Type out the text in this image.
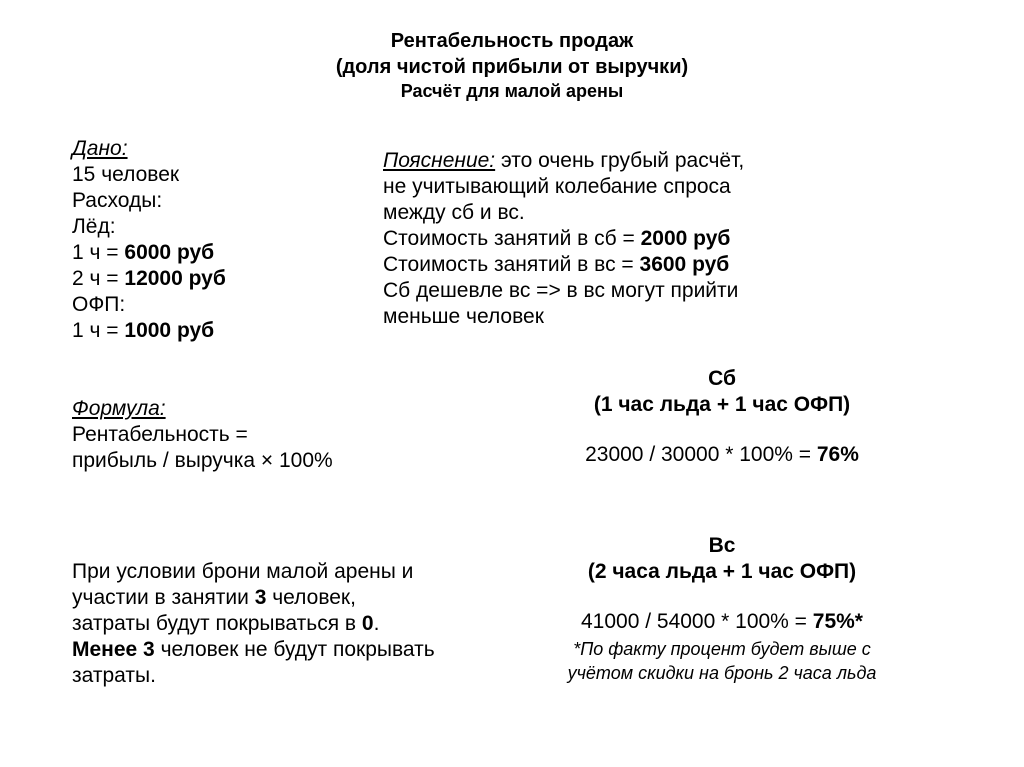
Рентабельность продаж
(доля чистой прибыли от выручки)
Расчёт для малой арены

Дано:

15 человек

Расходы:

Лёд:

1 ч = 6000 руб

2 ч = 12000 руб

ОФП:

1 ч = 1000 руб

Пояснение: это очень грубый расчёт,

не учитывающий колебание спроса

между сб и вс.

Стоимость занятий в сб = 2000 руб

Стоимость занятий в вс = 3600 руб

Сб дешевле вс => в вс могут прийти

меньше человек

Формула:

Рентабельность =

прибыль / выручка × 100%

Сб

(1 час льда + 1 час ОФП)

23000 / 30000 * 100% = 76%

Вс

(2 часа льда + 1 час ОФП)

41000 / 54000 * 100% = 75%*

*По факту процент будет выше с

учётом скидки на бронь 2 часа льда

При условии брони малой арены и

участии в занятии 3 человек,

затраты будут покрываться в 0.

Менее 3 человек не будут покрывать

затраты.
